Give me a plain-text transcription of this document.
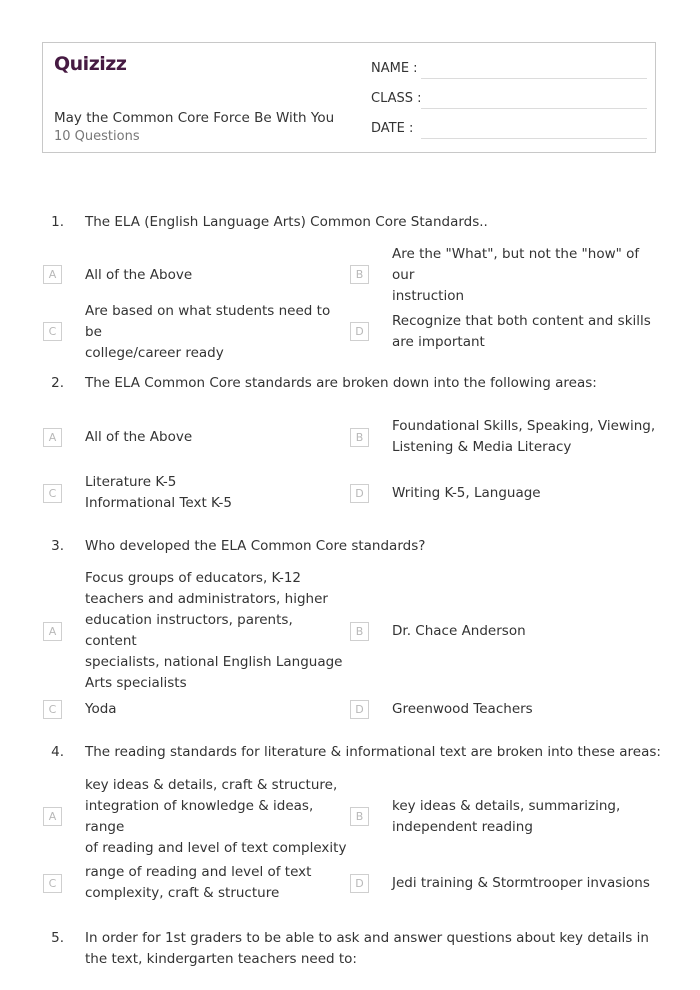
Quizizz
May the Common Core Force Be With You
10 Questions
NAME :
CLASS :
DATE :
1. The ELA (English Language Arts) Common Core Standards..
A	All of the Above	B
Are the "What", but not the "how" of our
instruction
C
Are based on what students need to be
college/career ready
D
Recognize that both content and skills
are important
2. The ELA Common Core standards are broken down into the following areas:
A	All of the Above	B
Foundational Skills, Speaking, Viewing,
Listening & Media Literacy
C
Literature K-5
Informational Text K-5
D	Writing K-5, Language
3. Who developed the ELA Common Core standards?
A
Focus groups of educators, K-12
teachers and administrators, higher
education instructors, parents, content
specialists, national English Language
Arts specialists
B	Dr. Chace Anderson
C	Yoda	D	Greenwood Teachers
4. The reading standards for literature & informational text are broken into these areas:
A
key ideas & details, craft & structure,
integration of knowledge & ideas, range
of reading and level of text complexity
B
key ideas & details, summarizing,
independent reading
C
range of reading and level of text
complexity, craft & structure
D	Jedi training & Stormtrooper invasions
5. In order for 1st graders to be able to ask and answer questions about key details in the text, kindergarten teachers need to:
